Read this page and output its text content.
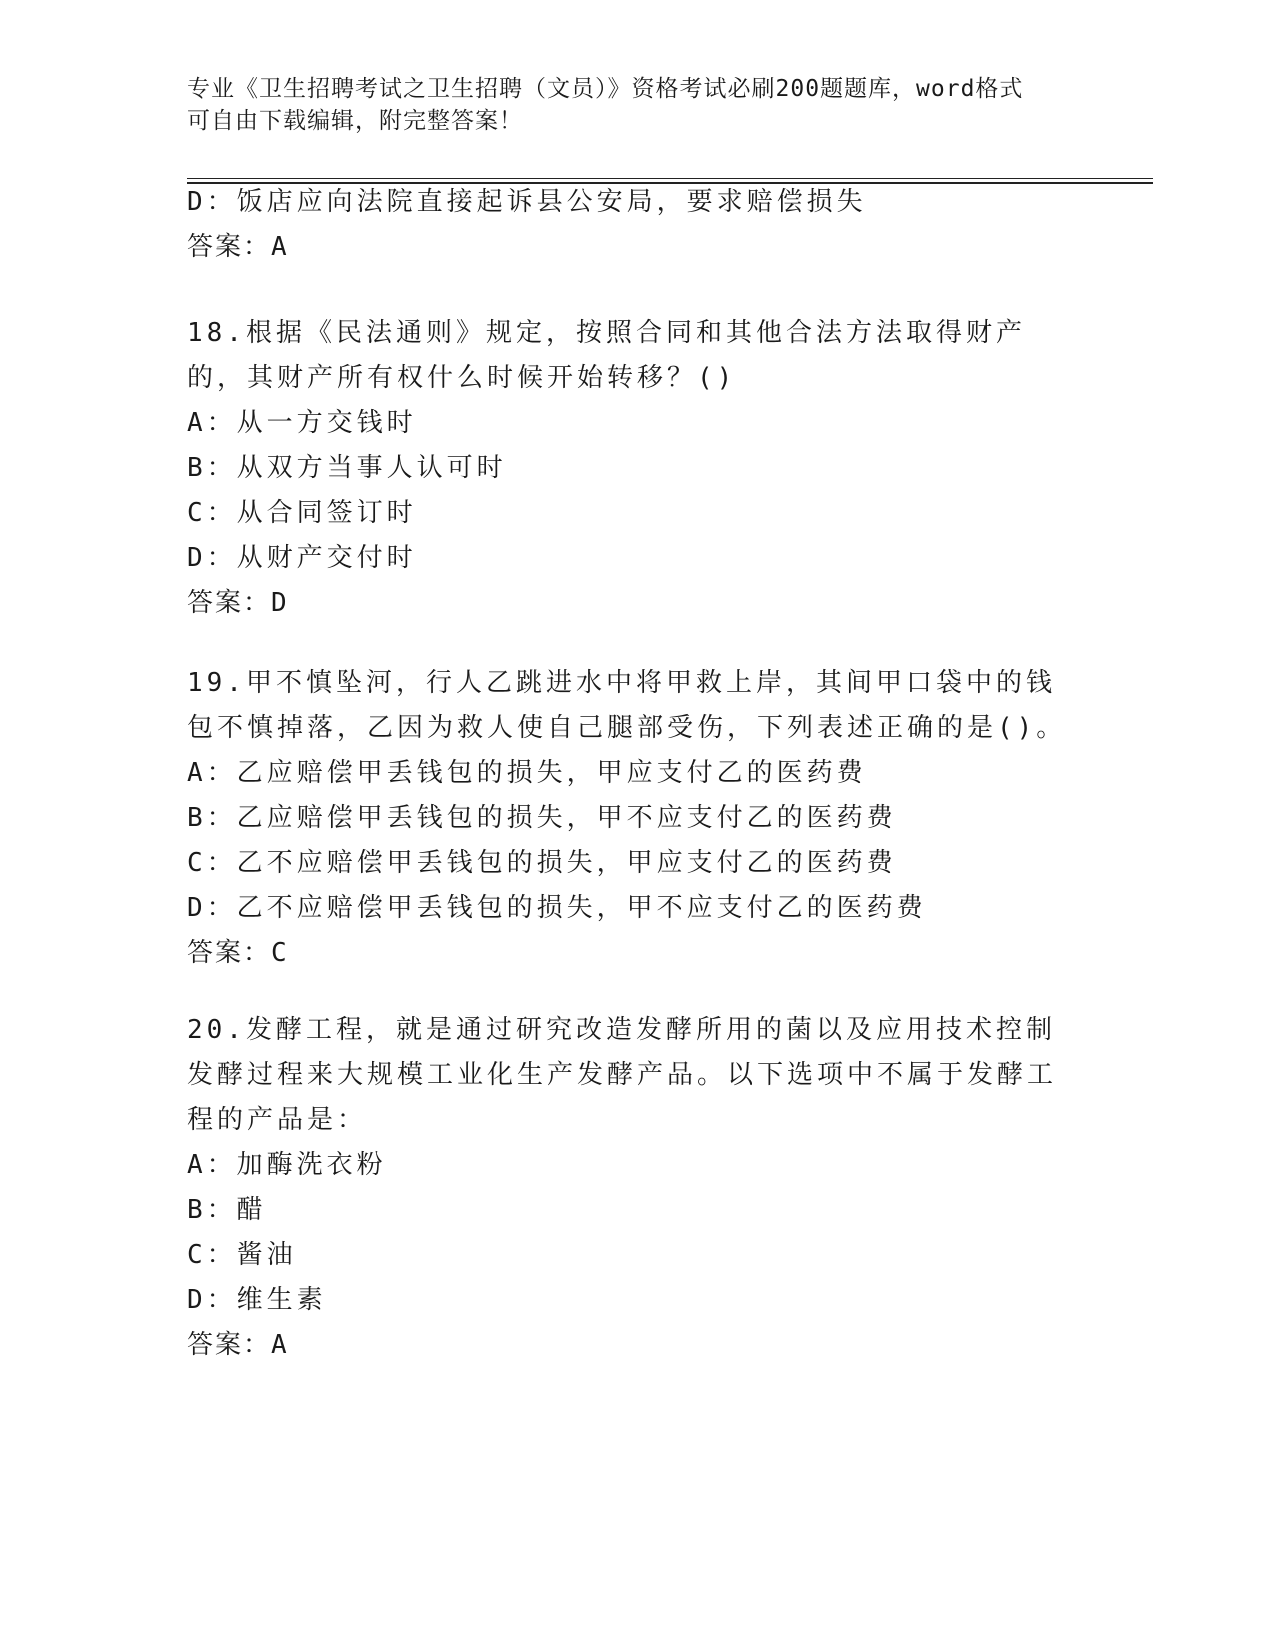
专业《卫生招聘考试之卫生招聘（文员）》资格考试必刷200题题库，word格式
可自由下载编辑，附完整答案！
D：饭店应向法院直接起诉县公安局，要求赔偿损失
答案：A
18.根据《民法通则》规定，按照合同和其他合法方法取得财产的，其财产所有权什么时候开始转移？()
A：从一方交钱时
B：从双方当事人认可时
C：从合同签订时
D：从财产交付时
答案：D
19.甲不慎坠河，行人乙跳进水中将甲救上岸，其间甲口袋中的钱包不慎掉落，乙因为救人使自己腿部受伤，下列表述正确的是()。
A：乙应赔偿甲丢钱包的损失，甲应支付乙的医药费
B：乙应赔偿甲丢钱包的损失，甲不应支付乙的医药费
C：乙不应赔偿甲丢钱包的损失，甲应支付乙的医药费
D：乙不应赔偿甲丢钱包的损失，甲不应支付乙的医药费
答案：C
20.发酵工程，就是通过研究改造发酵所用的菌以及应用技术控制发酵过程来大规模工业化生产发酵产品。以下选项中不属于发酵工程的产品是：
A：加酶洗衣粉
B：醋
C：酱油
D：维生素
答案：A
